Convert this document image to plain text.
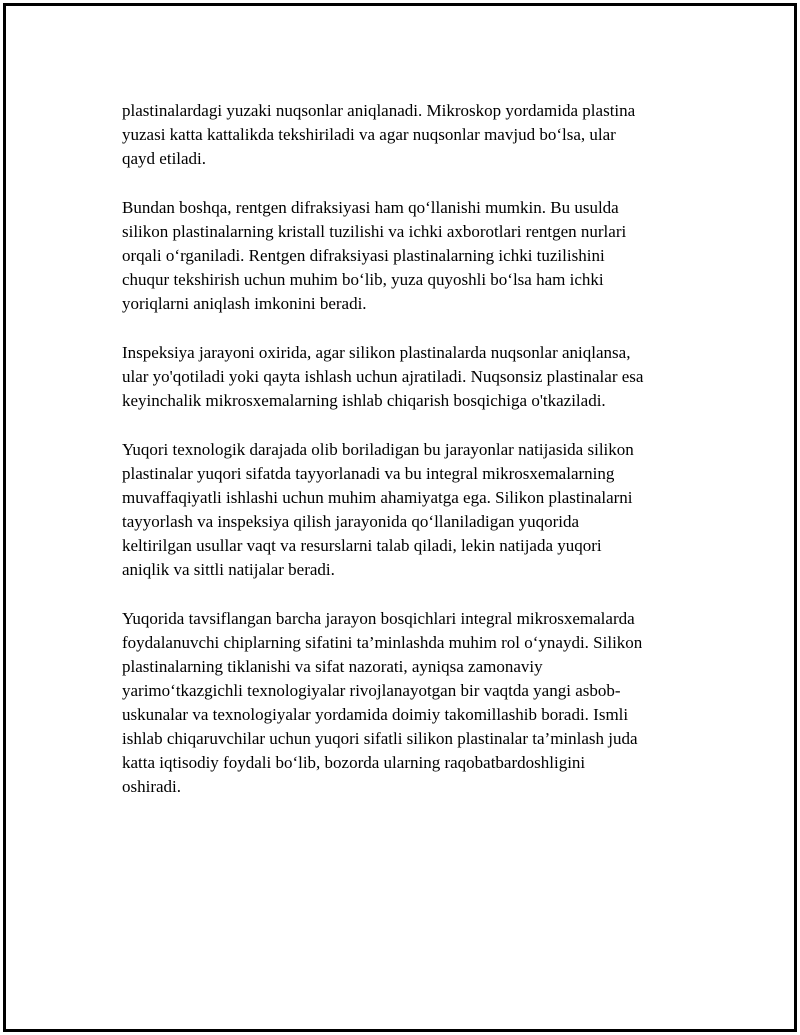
plastinalardagi yuzaki nuqsonlar aniqlanadi. Mikroskop yordamida plastina
yuzasi katta kattalikda tekshiriladi va agar nuqsonlar mavjud bo‘lsa, ular
qayd etiladi.

Bundan boshqa, rentgen difraksiyasi ham qo‘llanishi mumkin. Bu usulda
silikon plastinalarning kristall tuzilishi va ichki axborotlari rentgen nurlari
orqali o‘rganiladi. Rentgen difraksiyasi plastinalarning ichki tuzilishini
chuqur tekshirish uchun muhim bo‘lib, yuza quyoshli bo‘lsa ham ichki
yoriqlarni aniqlash imkonini beradi.

Inspeksiya jarayoni oxirida, agar silikon plastinalarda nuqsonlar aniqlansa,
ular yo'qotiladi yoki qayta ishlash uchun ajratiladi. Nuqsonsiz plastinalar esa
keyinchalik mikrosxemalarning ishlab chiqarish bosqichiga o'tkaziladi.

Yuqori texnologik darajada olib boriladigan bu jarayonlar natijasida silikon
plastinalar yuqori sifatda tayyorlanadi va bu integral mikrosxemalarning
muvaffaqiyatli ishlashi uchun muhim ahamiyatga ega. Silikon plastinalarni
tayyorlash va inspeksiya qilish jarayonida qo‘llaniladigan yuqorida
keltirilgan usullar vaqt va resurslarni talab qiladi, lekin natijada yuqori
aniqlik va sittli natijalar beradi.

Yuqorida tavsiflangan barcha jarayon bosqichlari integral mikrosxemalarda
foydalanuvchi chiplarning sifatini ta’minlashda muhim rol o‘ynaydi. Silikon
plastinalarning tiklanishi va sifat nazorati, ayniqsa zamonaviy
yarimo‘tkazgichli texnologiyalar rivojlanayotgan bir vaqtda yangi asbob-
uskunalar va texnologiyalar yordamida doimiy takomillashib boradi. Ismli
ishlab chiqaruvchilar uchun yuqori sifatli silikon plastinalar ta’minlash juda
katta iqtisodiy foydali bo‘lib, bozorda ularning raqobatbardoshligini
oshiradi.
